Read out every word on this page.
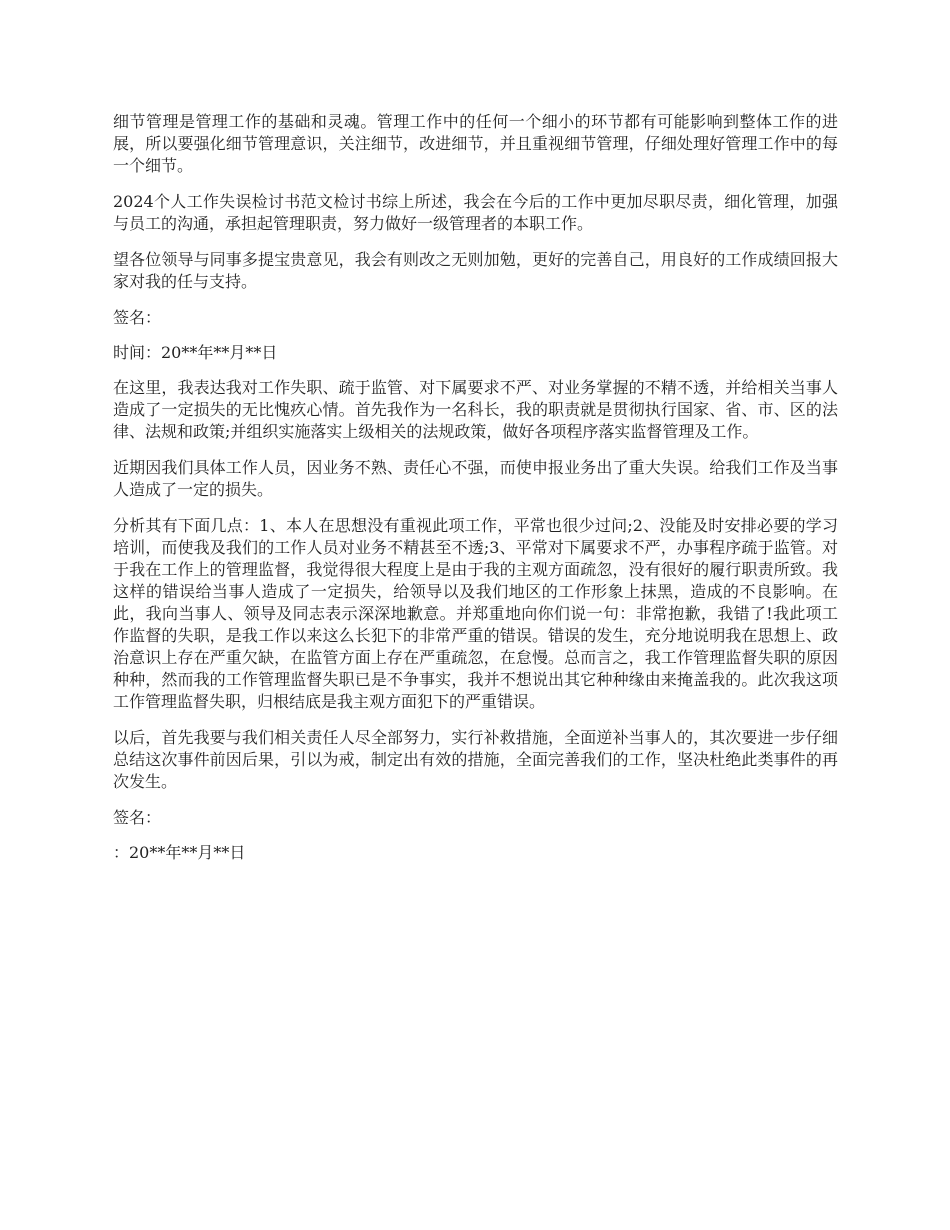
细节管理是管理工作的基础和灵魂。管理工作中的任何一个细小的环节都有可能影响到整体工作的进展，所以要强化细节管理意识，关注细节，改进细节，并且重视细节管理，仔细处理好管理工作中的每一个细节。

2024个人工作失误检讨书范文检讨书综上所述，我会在今后的工作中更加尽职尽责，细化管理，加强与员工的沟通，承担起管理职责，努力做好一级管理者的本职工作。

望各位领导与同事多提宝贵意见，我会有则改之无则加勉，更好的完善自己，用良好的工作成绩回报大家对我的任与支持。

签名：

时间：20**年**月**日

在这里，我表达我对工作失职、疏于监管、对下属要求不严、对业务掌握的不精不透，并给相关当事人造成了一定损失的无比愧疚心情。首先我作为一名科长，我的职责就是贯彻执行国家、省、市、区的法律、法规和政策;并组织实施落实上级相关的法规政策，做好各项程序落实监督管理及工作。

近期因我们具体工作人员，因业务不熟、责任心不强，而使申报业务出了重大失误。给我们工作及当事人造成了一定的损失。

分析其有下面几点：1、本人在思想没有重视此项工作，平常也很少过问;2、没能及时安排必要的学习培训，而使我及我们的工作人员对业务不精甚至不透;3、平常对下属要求不严，办事程序疏于监管。对于我在工作上的管理监督，我觉得很大程度上是由于我的主观方面疏忽，没有很好的履行职责所致。我这样的错误给当事人造成了一定损失，给领导以及我们地区的工作形象上抹黑，造成的不良影响。在此，我向当事人、领导及同志表示深深地歉意。并郑重地向你们说一句：非常抱歉，我错了!我此项工作监督的失职，是我工作以来这么长犯下的非常严重的错误。错误的发生，充分地说明我在思想上、政治意识上存在严重欠缺，在监管方面上存在严重疏忽，在怠慢。总而言之，我工作管理监督失职的原因种种，然而我的工作管理监督失职已是不争事实，我并不想说出其它种种缘由来掩盖我的。此次我这项工作管理监督失职，归根结底是我主观方面犯下的严重错误。

以后，首先我要与我们相关责任人尽全部努力，实行补救措施，全面逆补当事人的，其次要进一步仔细总结这次事件前因后果，引以为戒，制定出有效的措施，全面完善我们的工作，坚决杜绝此类事件的再次发生。

签名：

：20**年**月**日
